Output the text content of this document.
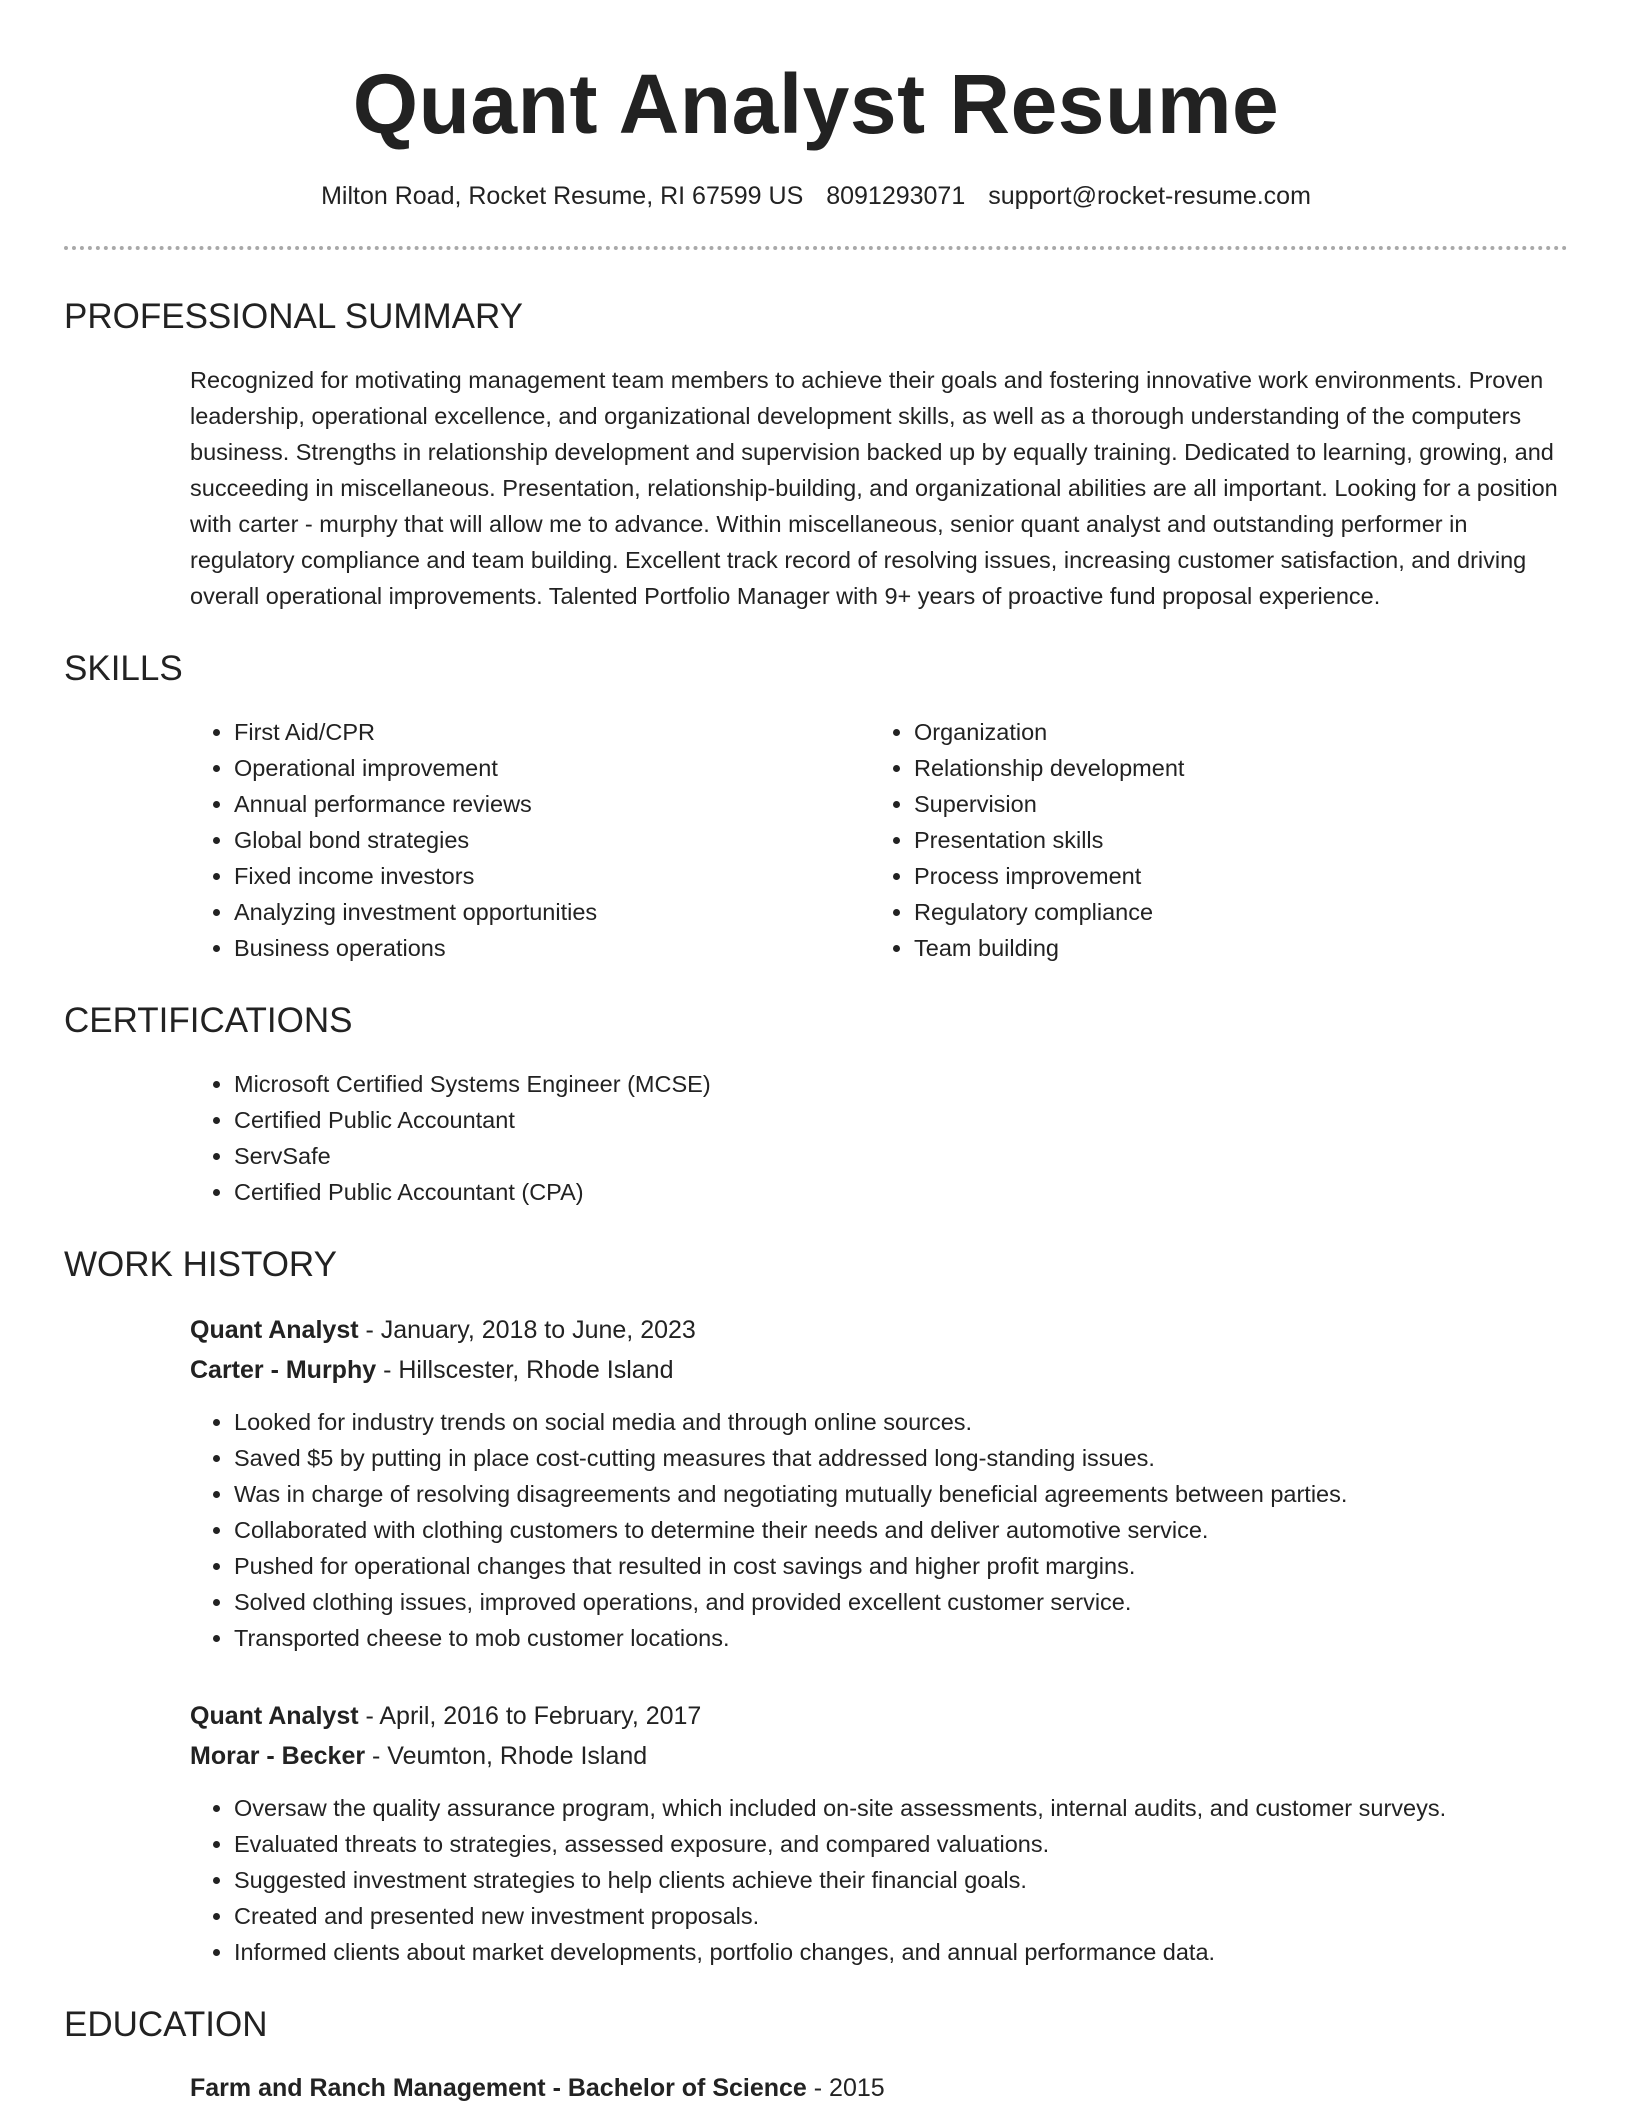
Quant Analyst Resume
Milton Road, Rocket Resume, RI 67599 US 8091293071 support@rocket-resume.com
PROFESSIONAL SUMMARY
Recognized for motivating management team members to achieve their goals and fostering innovative work environments. Proven leadership, operational excellence, and organizational development skills, as well as a thorough understanding of the computers business. Strengths in relationship development and supervision backed up by equally training. Dedicated to learning, growing, and succeeding in miscellaneous. Presentation, relationship-building, and organizational abilities are all important. Looking for a position with carter - murphy that will allow me to advance. Within miscellaneous, senior quant analyst and outstanding performer in regulatory compliance and team building. Excellent track record of resolving issues, increasing customer satisfaction, and driving overall operational improvements. Talented Portfolio Manager with 9+ years of proactive fund proposal experience.
SKILLS
• First Aid/CPR
• Operational improvement
• Annual performance reviews
• Global bond strategies
• Fixed income investors
• Analyzing investment opportunities
• Business operations
• Organization
• Relationship development
• Supervision
• Presentation skills
• Process improvement
• Regulatory compliance
• Team building
CERTIFICATIONS
• Microsoft Certified Systems Engineer (MCSE)
• Certified Public Accountant
• ServSafe
• Certified Public Accountant (CPA)
WORK HISTORY
Quant Analyst - January, 2018 to June, 2023
Carter - Murphy - Hillscester, Rhode Island
• Looked for industry trends on social media and through online sources.
• Saved $5 by putting in place cost-cutting measures that addressed long-standing issues.
• Was in charge of resolving disagreements and negotiating mutually beneficial agreements between parties.
• Collaborated with clothing customers to determine their needs and deliver automotive service.
• Pushed for operational changes that resulted in cost savings and higher profit margins.
• Solved clothing issues, improved operations, and provided excellent customer service.
• Transported cheese to mob customer locations.
Quant Analyst - April, 2016 to February, 2017
Morar - Becker - Veumton, Rhode Island
• Oversaw the quality assurance program, which included on-site assessments, internal audits, and customer surveys.
• Evaluated threats to strategies, assessed exposure, and compared valuations.
• Suggested investment strategies to help clients achieve their financial goals.
• Created and presented new investment proposals.
• Informed clients about market developments, portfolio changes, and annual performance data.
EDUCATION
Farm and Ranch Management - Bachelor of Science - 2015
